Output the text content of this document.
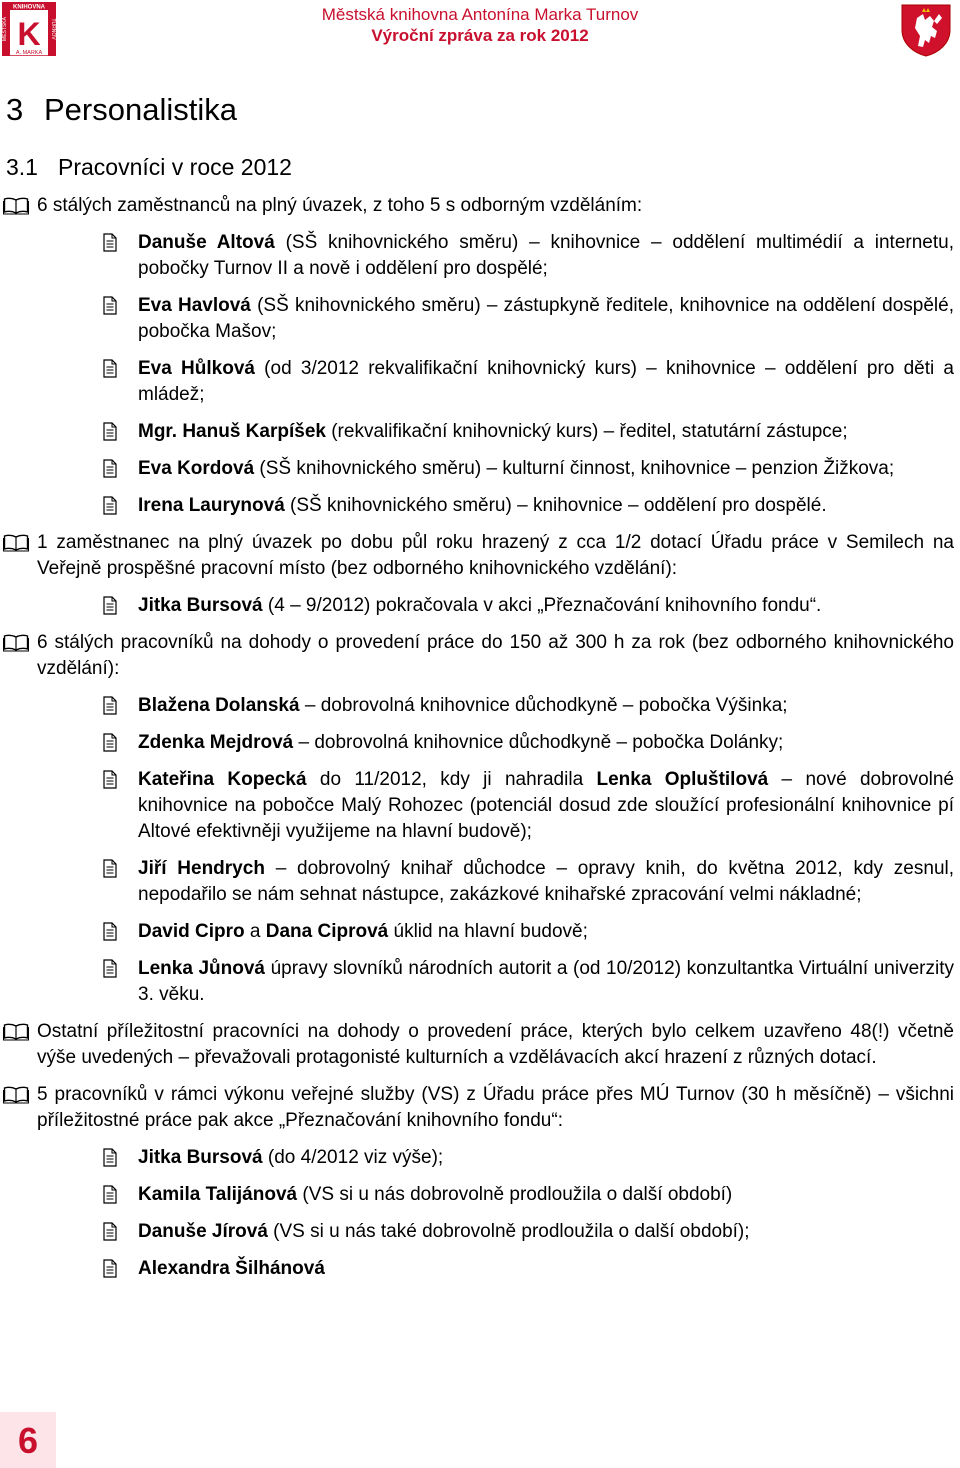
KNIHOVNA
MĚSTSKÁ	TURNOV
K
A. MARKA
Městská knihovna Antonína Marka Turnov
Výroční zpráva za rok 2012
3 Personalistika
3.1 Pracovníci v roce 2012
6 stálých zaměstnanců na plný úvazek, z toho 5 s odborným vzděláním:
Danuše Altová (SŠ knihovnického směru) – knihovnice – oddělení multimédií a internetu, pobočky Turnov II a nově i oddělení pro dospělé;
Eva Havlová (SŠ knihovnického směru) – zástupkyně ředitele, knihovnice na oddělení dospělé, pobočka Mašov;
Eva Hůlková (od 3/2012 rekvalifikační knihovnický kurs) – knihovnice – oddělení pro děti a mládež;
Mgr. Hanuš Karpíšek (rekvalifikační knihovnický kurs) – ředitel, statutární zástupce;
Eva Kordová (SŠ knihovnického směru) – kulturní činnost, knihovnice – penzion Žižkova;
Irena Laurynová (SŠ knihovnického směru) – knihovnice – oddělení pro dospělé.
1 zaměstnanec na plný úvazek po dobu půl roku hrazený z cca 1/2 dotací Úřadu práce v Semilech na Veřejně prospěšné pracovní místo (bez odborného knihovnického vzdělání):
Jitka Bursová (4 – 9/2012) pokračovala v akci „Přeznačování knihovního fondu“.
6 stálých pracovníků na dohody o provedení práce do 150 až 300 h za rok (bez odborného knihovnického vzdělání):
Blažena Dolanská – dobrovolná knihovnice důchodkyně – pobočka Výšinka;
Zdenka Mejdrová – dobrovolná knihovnice důchodkyně – pobočka Dolánky;
Kateřina Kopecká do 11/2012, kdy ji nahradila Lenka Opluštilová – nové dobrovolné knihovnice na pobočce Malý Rohozec (potenciál dosud zde sloužící profesionální knihovnice pí Altové efektivněji využijeme na hlavní budově);
Jiří Hendrych – dobrovolný knihař důchodce – opravy knih, do května 2012, kdy zesnul, nepodařilo se nám sehnat nástupce, zakázkové knihařské zpracování velmi nákladné;
David Cipro a Dana Ciprová úklid na hlavní budově;
Lenka Jůnová úpravy slovníků národních autorit a (od 10/2012) konzultantka Virtuální univerzity 3. věku.
Ostatní příležitostní pracovníci na dohody o provedení práce, kterých bylo celkem uzavřeno 48(!) včetně výše uvedených – převažovali protagonisté kulturních a vzdělávacích akcí hrazení z různých dotací.
5 pracovníků v rámci výkonu veřejné služby (VS) z Úřadu práce přes MÚ Turnov (30 h měsíčně) – všichni příležitostné práce pak akce „Přeznačování knihovního fondu“:
Jitka Bursová (do 4/2012 viz výše);
Kamila Talijánová (VS si u nás dobrovolně prodloužila o další období)
Danuše Jírová (VS si u nás také dobrovolně prodloužila o další období);
Alexandra Šilhánová
6
